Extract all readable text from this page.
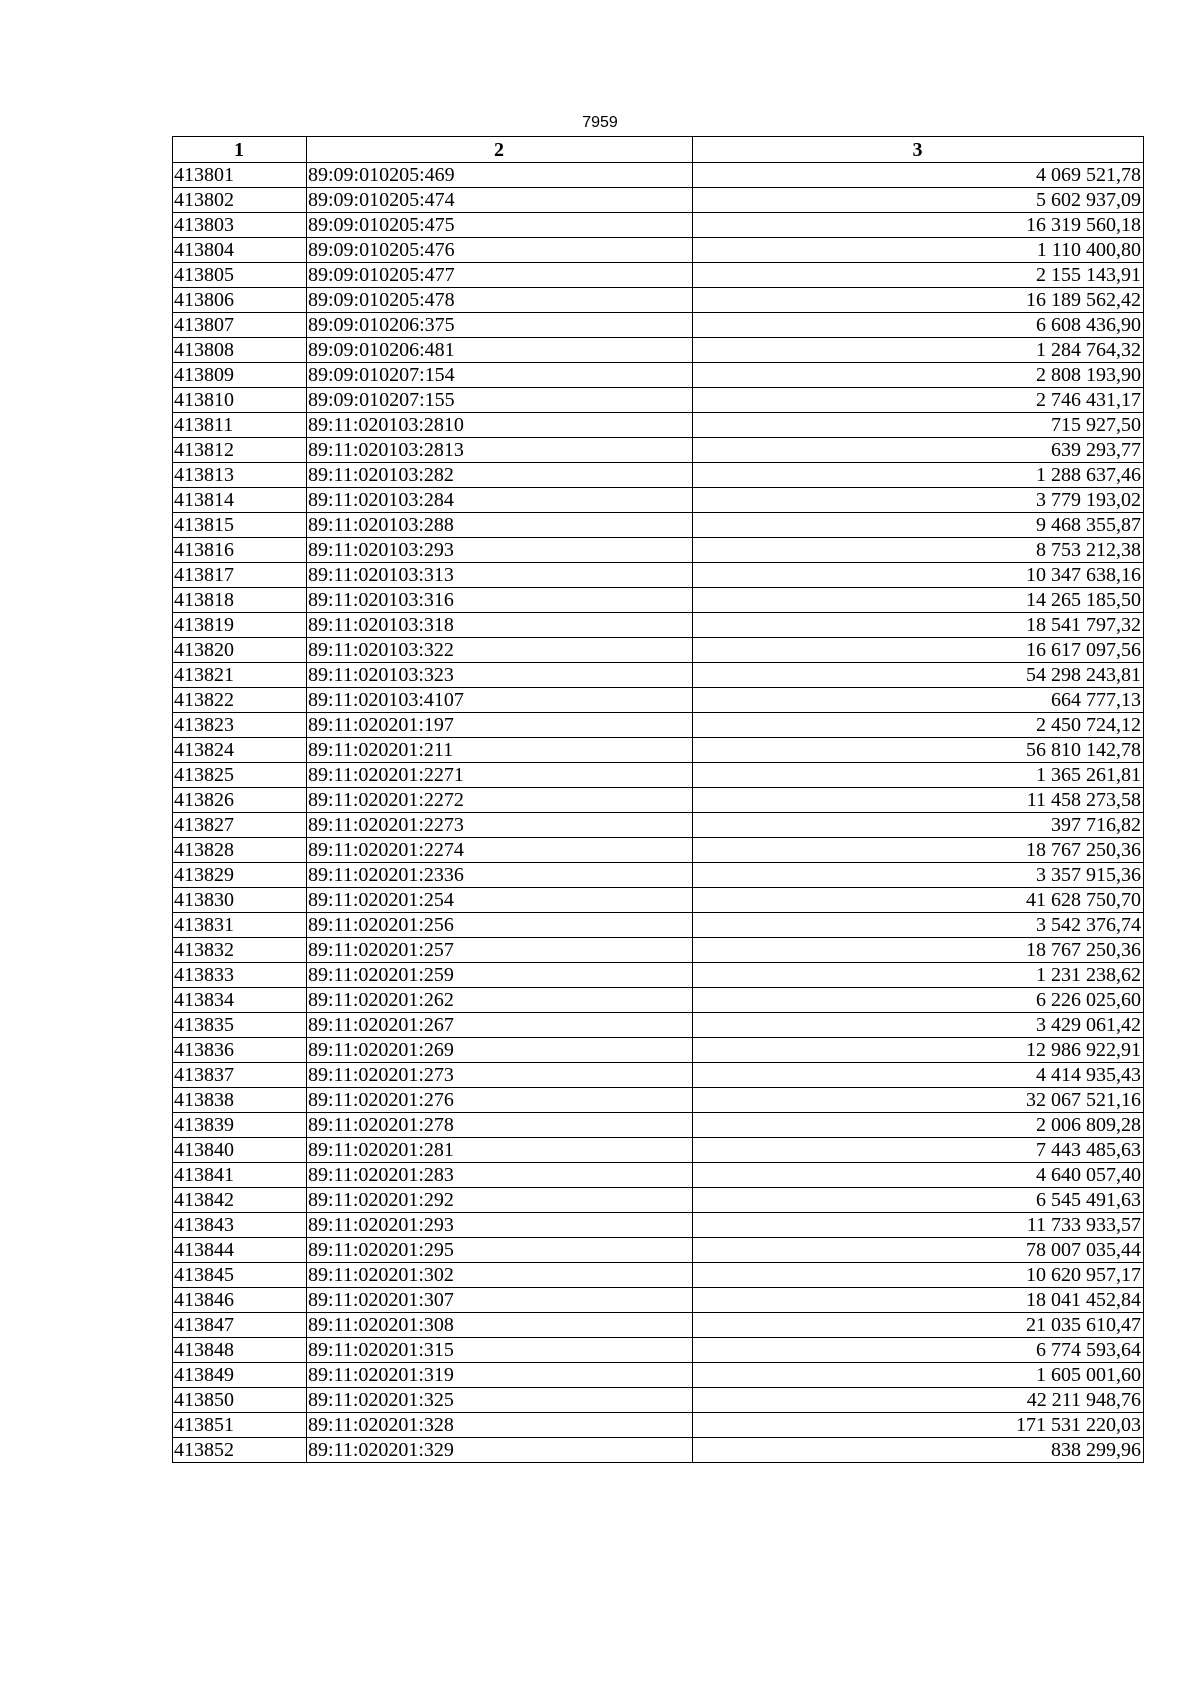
7959
1	2	3
413801	89:09:010205:469	4 069 521,78
413802	89:09:010205:474	5 602 937,09
413803	89:09:010205:475	16 319 560,18
413804	89:09:010205:476	1 110 400,80
413805	89:09:010205:477	2 155 143,91
413806	89:09:010205:478	16 189 562,42
413807	89:09:010206:375	6 608 436,90
413808	89:09:010206:481	1 284 764,32
413809	89:09:010207:154	2 808 193,90
413810	89:09:010207:155	2 746 431,17
413811	89:11:020103:2810	715 927,50
413812	89:11:020103:2813	639 293,77
413813	89:11:020103:282	1 288 637,46
413814	89:11:020103:284	3 779 193,02
413815	89:11:020103:288	9 468 355,87
413816	89:11:020103:293	8 753 212,38
413817	89:11:020103:313	10 347 638,16
413818	89:11:020103:316	14 265 185,50
413819	89:11:020103:318	18 541 797,32
413820	89:11:020103:322	16 617 097,56
413821	89:11:020103:323	54 298 243,81
413822	89:11:020103:4107	664 777,13
413823	89:11:020201:197	2 450 724,12
413824	89:11:020201:211	56 810 142,78
413825	89:11:020201:2271	1 365 261,81
413826	89:11:020201:2272	11 458 273,58
413827	89:11:020201:2273	397 716,82
413828	89:11:020201:2274	18 767 250,36
413829	89:11:020201:2336	3 357 915,36
413830	89:11:020201:254	41 628 750,70
413831	89:11:020201:256	3 542 376,74
413832	89:11:020201:257	18 767 250,36
413833	89:11:020201:259	1 231 238,62
413834	89:11:020201:262	6 226 025,60
413835	89:11:020201:267	3 429 061,42
413836	89:11:020201:269	12 986 922,91
413837	89:11:020201:273	4 414 935,43
413838	89:11:020201:276	32 067 521,16
413839	89:11:020201:278	2 006 809,28
413840	89:11:020201:281	7 443 485,63
413841	89:11:020201:283	4 640 057,40
413842	89:11:020201:292	6 545 491,63
413843	89:11:020201:293	11 733 933,57
413844	89:11:020201:295	78 007 035,44
413845	89:11:020201:302	10 620 957,17
413846	89:11:020201:307	18 041 452,84
413847	89:11:020201:308	21 035 610,47
413848	89:11:020201:315	6 774 593,64
413849	89:11:020201:319	1 605 001,60
413850	89:11:020201:325	42 211 948,76
413851	89:11:020201:328	171 531 220,03
413852	89:11:020201:329	838 299,96
